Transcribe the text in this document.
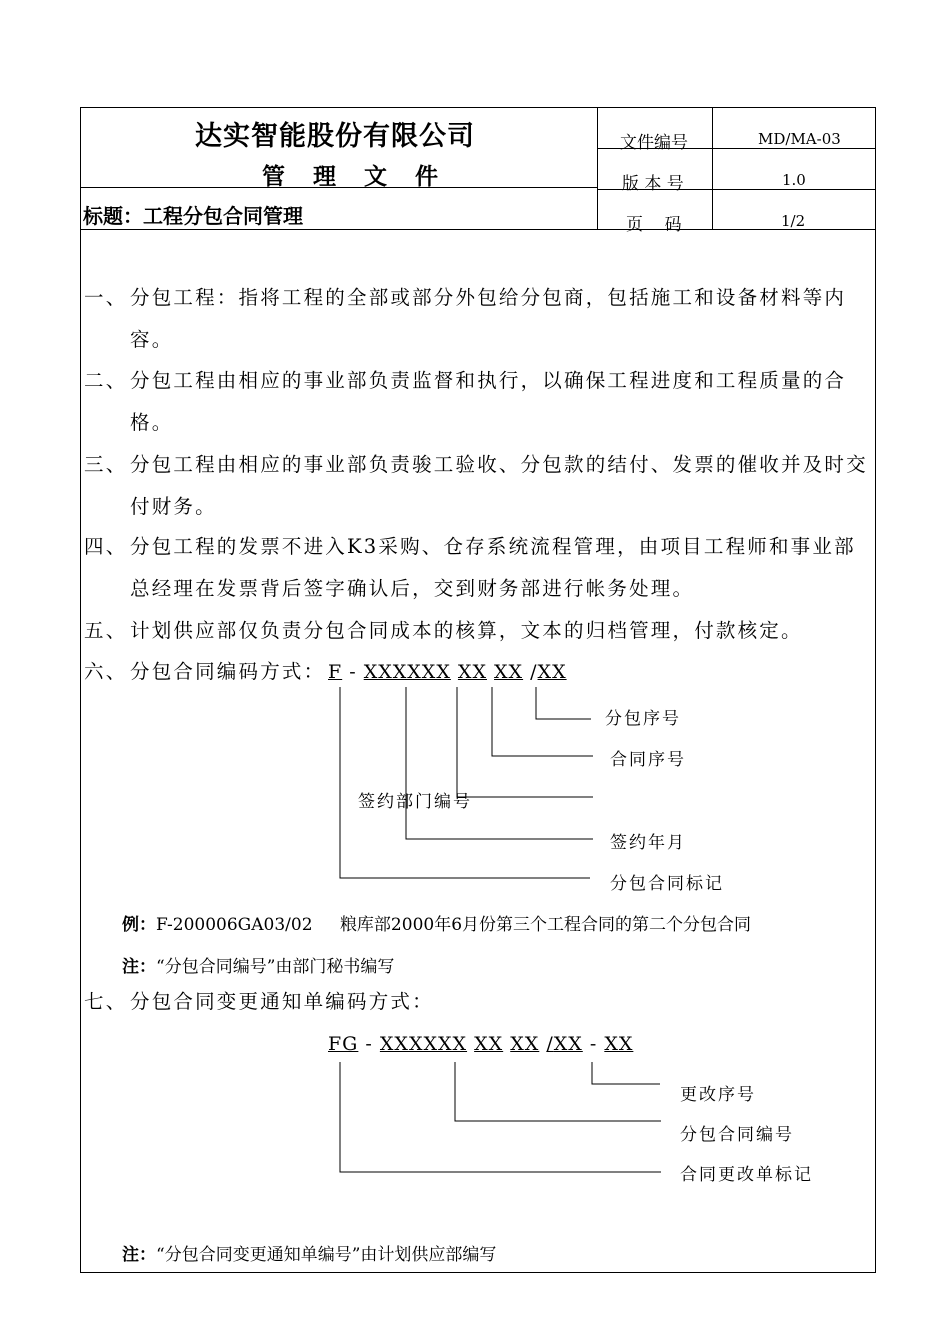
达实智能股份有限公司
管理文件
标题：工程分包合同管理
文件编号	MD/MA-03
版 本 号	1.0
页    码	1/2
一、 分包工程：指将工程的全部或部分外包给分包商，包括施工和设备材料等内容。
二、 分包工程由相应的事业部负责监督和执行，以确保工程进度和工程质量的合格。
三、 分包工程由相应的事业部负责骏工验收、分包款的结付、发票的催收并及时交付财务。
四、 分包工程的发票不进入K3采购、仓存系统流程管理，由项目工程师和事业部总经理在发票背后签字确认后，交到财务部进行帐务处理。
五、 计划供应部仅负责分包合同成本的核算，文本的归档管理，付款核定。
六、 分包合同编码方式： F - XXXXXX XX XX /XX
分包序号
合同序号
签约部门编号
签约年月
分包合同标记
例：F-200006GA03/02 粮库部2000年6月份第三个工程合同的第二个分包合同
注：“分包合同编号”由部门秘书编写
七、 分包合同变更通知单编码方式：
FG - XXXXXX XX XX /XX - XX
更改序号
分包合同编号
合同更改单标记
注：“分包合同变更通知单编号”由计划供应部编写
